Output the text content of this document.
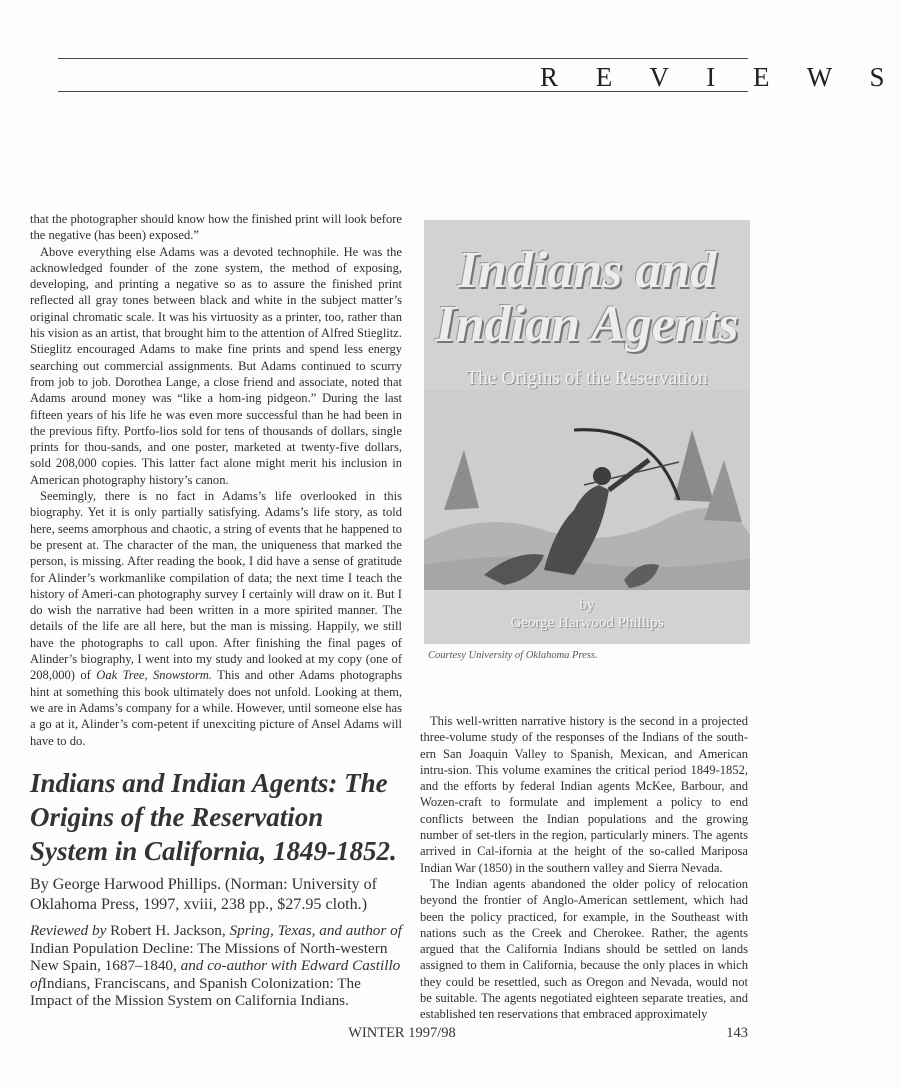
R E V I E W S

that the photographer should know how the finished print will look before the negative (has been) exposed.”

Above everything else Adams was a devoted technophile. He was the acknowledged founder of the zone system, the method of exposing, developing, and printing a negative so as to assure the finished print reflected all gray tones between black and white in the subject matter’s original chromatic scale. It was his virtuosity as a printer, too, rather than his vision as an artist, that brought him to the attention of Alfred Stieglitz. Stieglitz encouraged Adams to make fine prints and spend less energy searching out commercial assignments. But Adams continued to scurry from job to job. Dorothea Lange, a close friend and associate, noted that Adams around money was “like a hom-ing pidgeon.” During the last fifteen years of his life he was even more successful than he had been in the previous fifty. Portfo-lios sold for tens of thousands of dollars, single prints for thou-sands, and one poster, marketed at twenty-five dollars, sold 208,000 copies. This latter fact alone might merit his inclusion in American photography history’s canon.

Seemingly, there is no fact in Adams’s life overlooked in this biography. Yet it is only partially satisfying. Adams’s life story, as told here, seems amorphous and chaotic, a string of events that he happened to be present at. The character of the man, the uniqueness that marked the person, is missing. After reading the book, I did have a sense of gratitude for Alinder’s workmanlike compilation of data; the next time I teach the history of Ameri-can photography survey I certainly will draw on it. But I do wish the narrative had been written in a more spirited manner. The details of the life are all here, but the man is missing. Happily, we still have the photographs to call upon. After finishing the final pages of Alinder’s biography, I went into my study and looked at my copy (one of 208,000) of Oak Tree, Snowstorm. This and other Adams photographs hint at something this book ultimately does not unfold. Looking at them, we are in Adams’s company for a while. However, until someone else has a go at it, Alinder’s com-petent if unexciting picture of Ansel Adams will have to do.

Indians and Indian Agents: The Origins of the Reservation System in California, 1849-1852.

By George Harwood Phillips. (Norman: University of Oklahoma Press, 1997, xviii, 238 pp., $27.95 cloth.)

Reviewed by Robert H. Jackson, Spring, Texas, and author of Indian Population Decline: The Missions of North-western New Spain, 1687–1840, and co-author with Edward Castillo ofIndians, Franciscans, and Spanish Colonization: The Impact of the Mission System on California Indians.

Indians and
Indian Agents
The Origins of the Reservation
by
George Harwood Phillips
Courtesy University of Oklahoma Press.

This well-written narrative history is the second in a projected three-volume study of the responses of the Indians of the south-ern San Joaquin Valley to Spanish, Mexican, and American intru-sion. This volume examines the critical period 1849-1852, and the efforts by federal Indian agents McKee, Barbour, and Wozen-craft to formulate and implement a policy to end conflicts between the Indian populations and the growing number of set-tlers in the region, particularly miners. The agents arrived in Cal-ifornia at the height of the so-called Mariposa Indian War (1850) in the southern valley and Sierra Nevada.

The Indian agents abandoned the older policy of relocation beyond the frontier of Anglo-American settlement, which had been the policy practiced, for example, in the Southeast with nations such as the Creek and Cherokee. Rather, the agents argued that the California Indians should be settled on lands assigned to them in California, because the only places in which they could be resettled, such as Oregon and Nevada, would not be suitable. The agents negotiated eighteen separate treaties, and established ten reservations that embraced approximately

WINTER 1997/98	143
